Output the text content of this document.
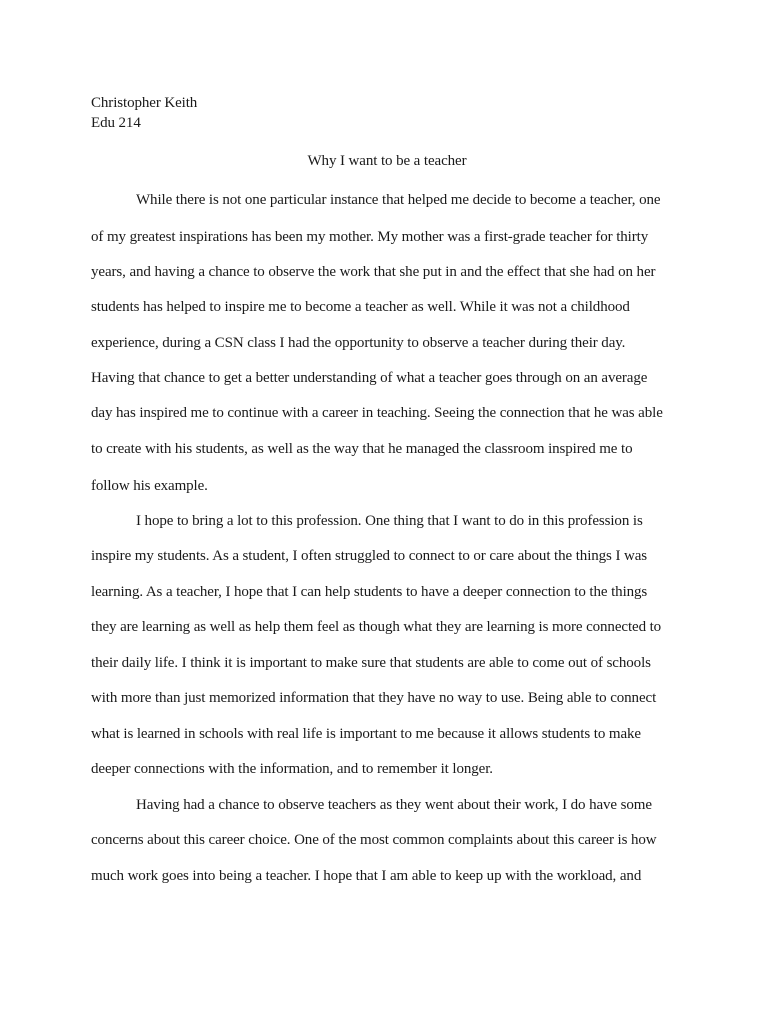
Christopher Keith
Edu 214
Why I want to be a teacher
While there is not one particular instance that helped me decide to become a teacher, one
of my greatest inspirations has been my mother. My mother was a first-grade teacher for thirty
years, and having a chance to observe the work that she put in and the effect that she had on her
students has helped to inspire me to become a teacher as well. While it was not a childhood
experience, during a CSN class I had the opportunity to observe a teacher during their day.
Having that chance to get a better understanding of what a teacher goes through on an average
day has inspired me to continue with a career in teaching. Seeing the connection that he was able
to create with his students, as well as the way that he managed the classroom inspired me to
follow his example.
I hope to bring a lot to this profession. One thing that I want to do in this profession is
inspire my students. As a student, I often struggled to connect to or care about the things I was
learning. As a teacher, I hope that I can help students to have a deeper connection to the things
they are learning as well as help them feel as though what they are learning is more connected to
their daily life. I think it is important to make sure that students are able to come out of schools
with more than just memorized information that they have no way to use. Being able to connect
what is learned in schools with real life is important to me because it allows students to make
deeper connections with the information, and to remember it longer.
Having had a chance to observe teachers as they went about their work, I do have some
concerns about this career choice. One of the most common complaints about this career is how
much work goes into being a teacher. I hope that I am able to keep up with the workload, and
